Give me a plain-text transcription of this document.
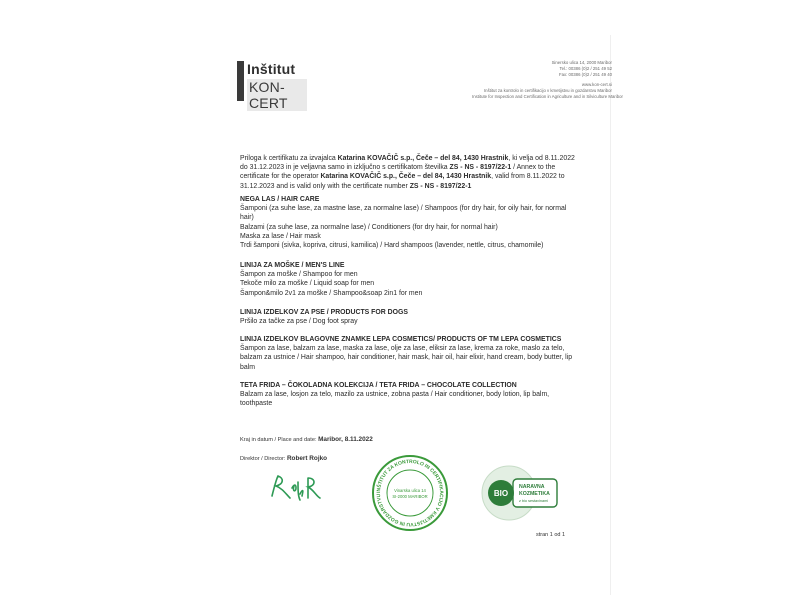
Inštitut
KON-CERT
Sinersko ulica 14, 2000 Maribor
Tel.: 00386 (0)2 / 251 49 52
Fax: 00386 (0)2 / 251 49 40
www.kon-cert.si
Inštitut za kontrolo in certifikacijo v kmetijstvu in gozdarstvu Maribor
Institute for Inspection and Certification in Agriculture and in Silviculture Maribor
Priloga k certifikatu za izvajalca Katarina KOVAČIČ s.p., Čeče – del 84, 1430 Hrastnik, ki velja od 8.11.2022 do 31.12.2023 in je veljavna samo in izključno s certifikatom številka ZS - NS - 8197/22-1 / Annex to the certificate for the operator Katarina KOVAČIČ s.p., Čeče – del 84, 1430 Hrastnik, valid from 8.11.2022 to 31.12.2023 and is valid only with the certificate number ZS - NS - 8197/22-1
NEGA LAS / HAIR CARE
Šamponi (za suhe lase, za mastne lase, za normalne lase) / Shampoos (for dry hair, for oily hair, for normal hair)
Balzami (za suhe lase, za normalne lase) / Conditioners (for dry hair, for normal hair)
Maska za lase / Hair mask
Trdi šamponi (sivka, kopriva, citrusi, kamilica) / Hard shampoos (lavender, nettle, citrus, chamomile)
LINIJA ZA MOŠKE / MEN'S LINE
Šampon za moške / Shampoo for men
Tekoče milo za moške / Liquid soap for men
Šampon&milo 2v1 za moške / Shampoo&soap 2in1 for men
LINIJA IZDELKOV ZA PSE / PRODUCTS FOR DOGS
Pršilo za tačke za pse / Dog foot spray
LINIJA IZDELKOV BLAGOVNE ZNAMKE LEPA COSMETICS/ PRODUCTS OF TM LEPA COSMETICS
Šampon za lase, balzam za lase, maska za lase, olje za lase, eliksir za lase, krema za roke, maslo za telo, balzam za ustnice / Hair shampoo, hair conditioner, hair mask, hair oil, hair elixir, hand cream, body butter, lip balm
TETA FRIDA – ČOKOLADNA KOLEKCIJA / TETA FRIDA – CHOCOLATE COLLECTION
Balzam za lase, losjon za telo, mazilo za ustnice, zobna pasta / Hair conditioner, body lotion, lip balm, toothpaste
Kraj in datum / Place and date: Maribor, 8.11.2022
Direktor / Director: Robert Rojko
INŠTITUT ZA KONTROLO IN CERTIFIKACIJO V KMETIJSTVU IN GOZDARSTVU
Vinarska ulica 14
SI-2000 MARIBOR	BIO
NARAVNA
KOZMETIKA
z bio sestavinami
stran 1 od 1
